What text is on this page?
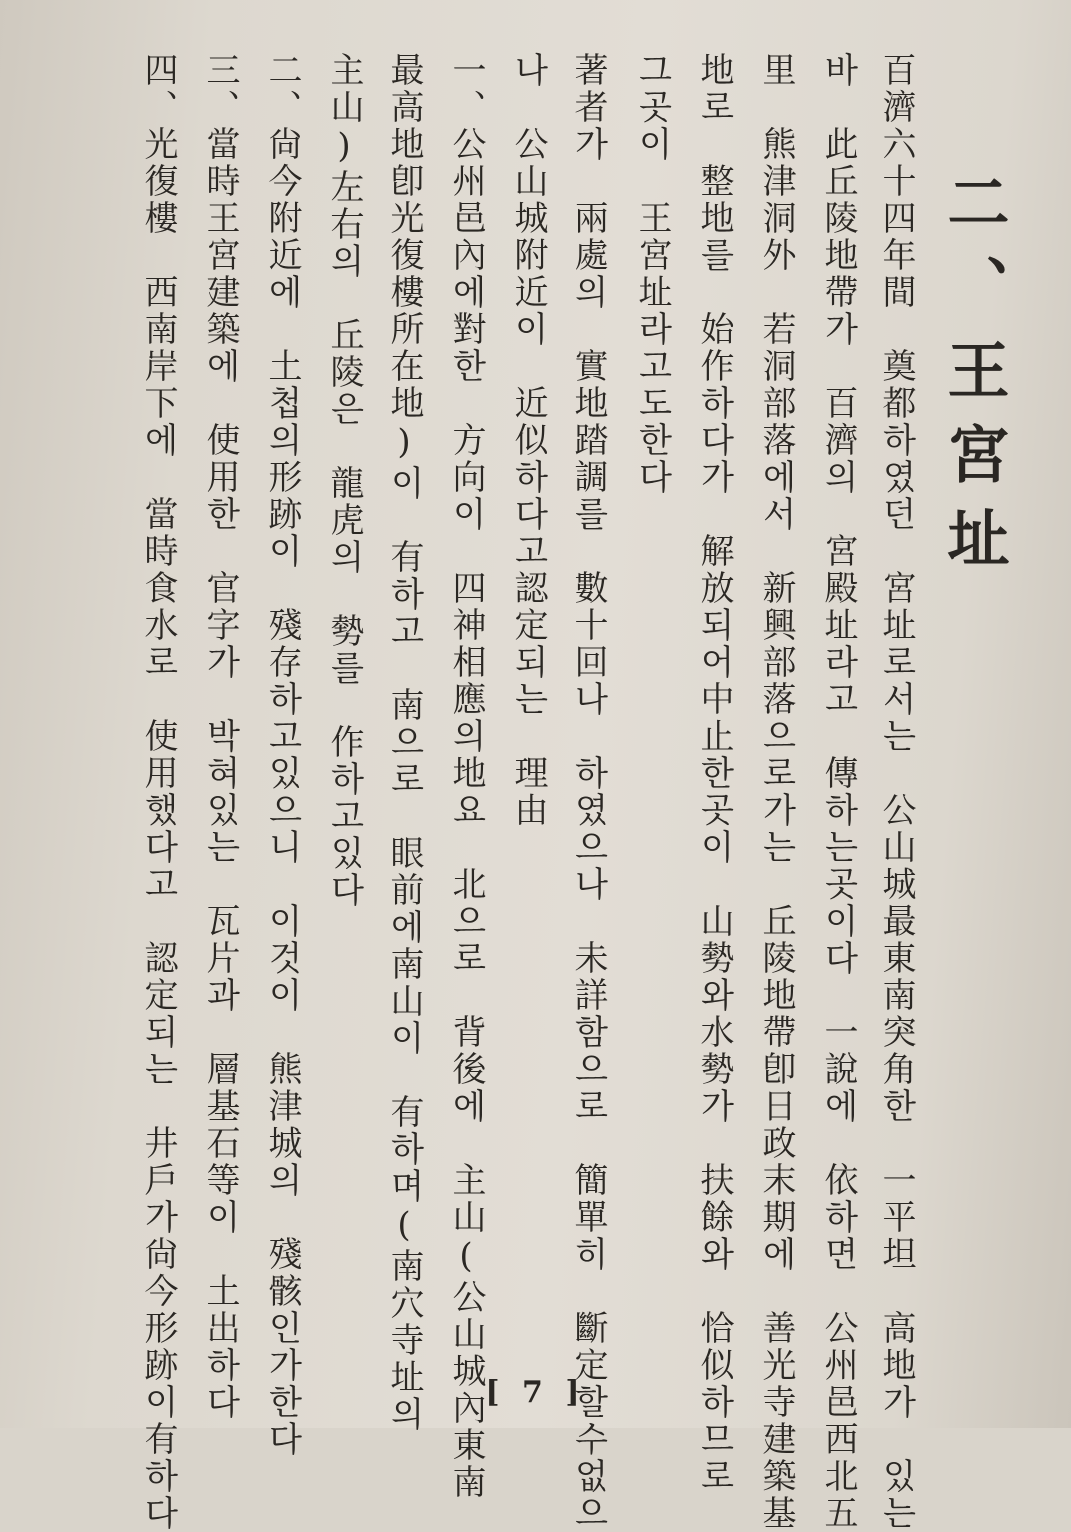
二、王宮址
百濟六十四年間　奠都하였던　宮址로서는　公山城最東南突角한　一平坦　高地가　있는
바　此丘陵地帶가　百濟의　宮殿址라고　傳하는곳이다　一說에　依하면　公州邑西北五
里　熊津洞外　若洞部落에서　新興部落으로가는　丘陵地帶卽日政末期에　善光寺建築基
地로　整地를　始作하다가　解放되어中止한곳이　山勢와水勢가　扶餘와　恰似하므로
그곳이　王宮址라고도한다
著者가　兩處의　實地踏調를　數十回나　하였으나　未詳함으로　簡單히　斷定할수없으
나　公山城附近이　近似하다고認定되는　理由
一、公州邑內에對한　方向이　四神相應의地요　北으로　背後에　主山(公山城內東南
最高地卽光復樓所在地)이　有하고　南으로　眼前에南山이　有하며(南穴寺址의
主山)左右의　丘陵은　龍虎의　勢를　作하고있다
二、尙今附近에　土첩의形跡이　殘存하고있으니　이것이　熊津城의　殘骸인가한다
三、當時王宮建築에　使用한　官字가　박혀있는　瓦片과　層基石等이　土出하다
四、光復樓　西南岸下에　當時食水로　使用했다고　認定되는　井戶가尙今形跡이有하다	[ 7 ]
